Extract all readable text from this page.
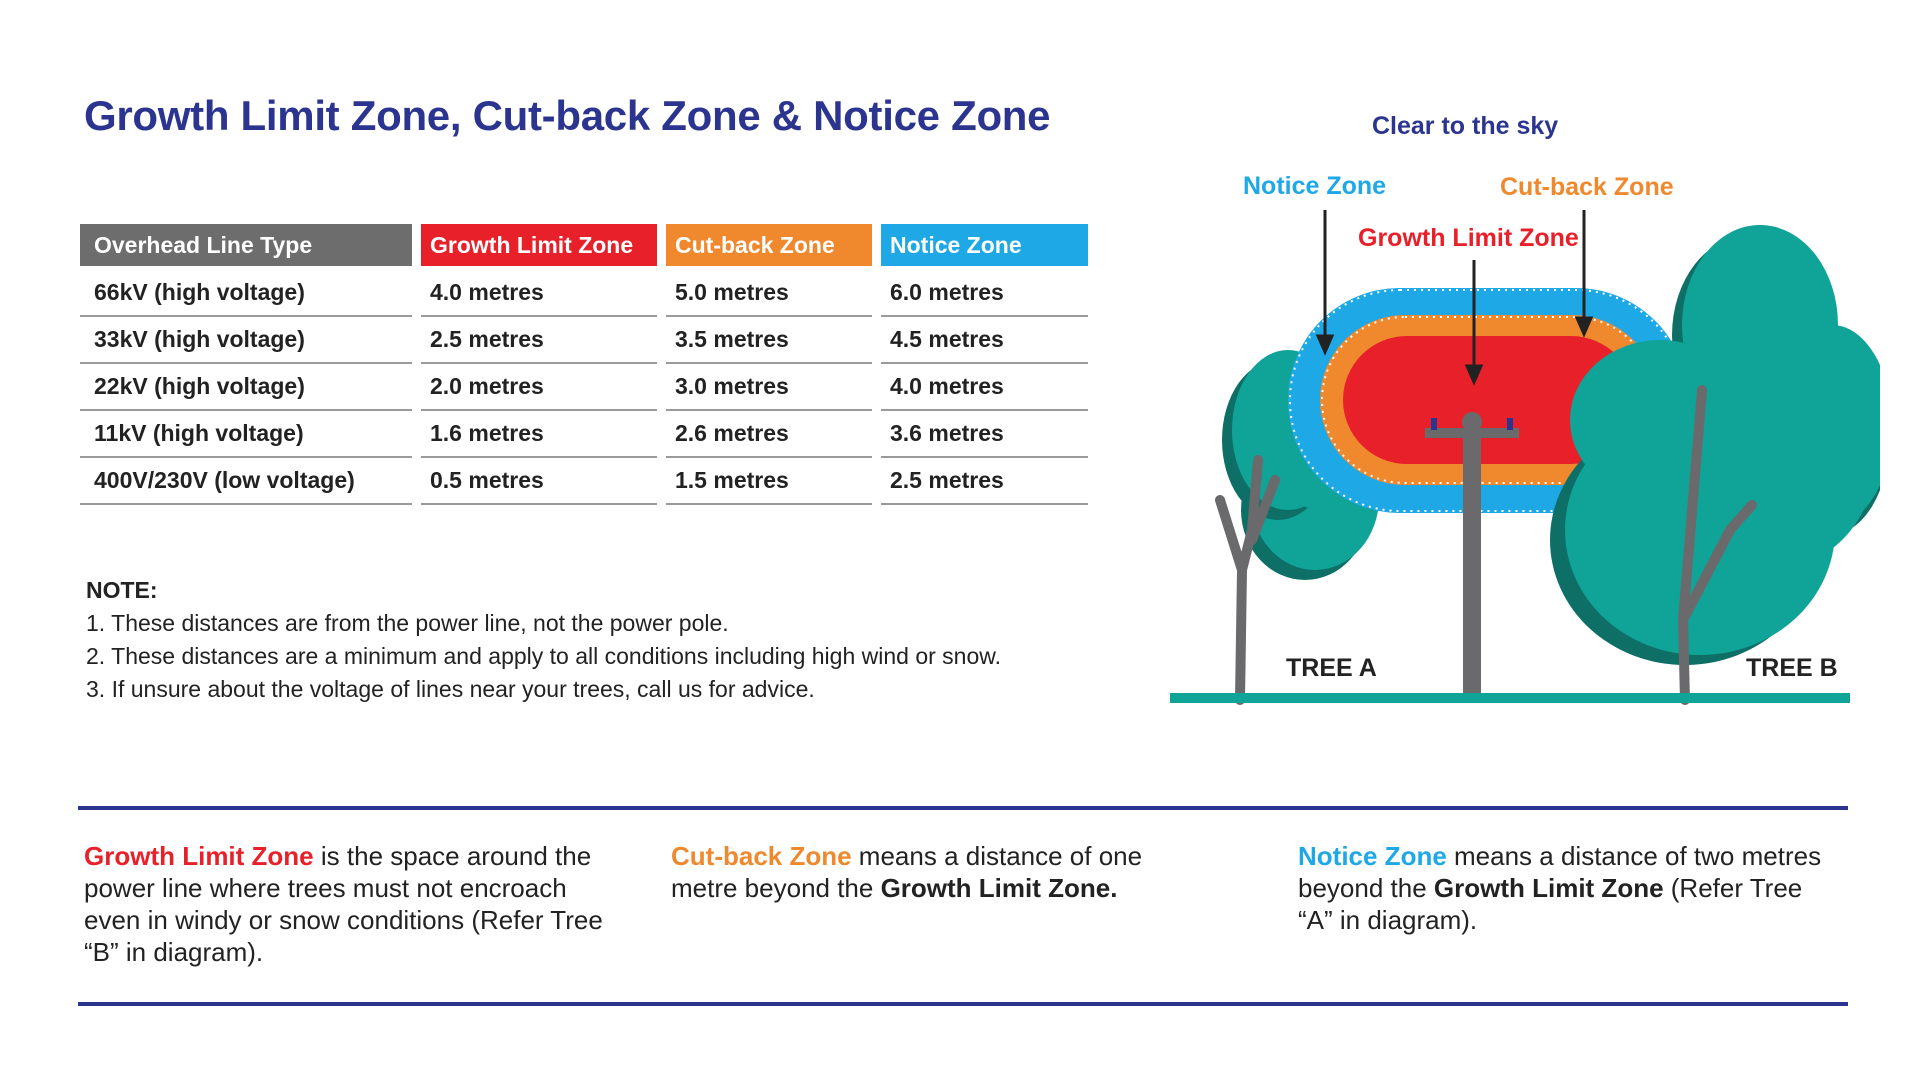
Growth Limit Zone, Cut-back Zone & Notice Zone
Overhead Line Type	Growth Limit Zone	Cut-back Zone	Notice Zone
66kV (high voltage)	4.0 metres	5.0 metres	6.0 metres
33kV (high voltage)	2.5 metres	3.5 metres	4.5 metres
22kV (high voltage)	2.0 metres	3.0 metres	4.0 metres
11kV (high voltage)	1.6 metres	2.6 metres	3.6 metres
400V/230V (low voltage)	0.5 metres	1.5 metres	2.5 metres
NOTE:
1. These distances are from the power line, not the power pole.
2. These distances are a minimum and apply to all conditions including high wind or snow.
3. If unsure about the voltage of lines near your trees, call us for advice.
Clear to the sky
Notice Zone	Cut-back Zone
Growth Limit Zone
TREE A	TREE B
Growth Limit Zone is the space around the power line where trees must not encroach even in windy or snow conditions (Refer Tree “B” in diagram).
Cut-back Zone means a distance of one metre beyond the Growth Limit Zone.
Notice Zone means a distance of two metres beyond the Growth Limit Zone (Refer Tree “A” in diagram).
